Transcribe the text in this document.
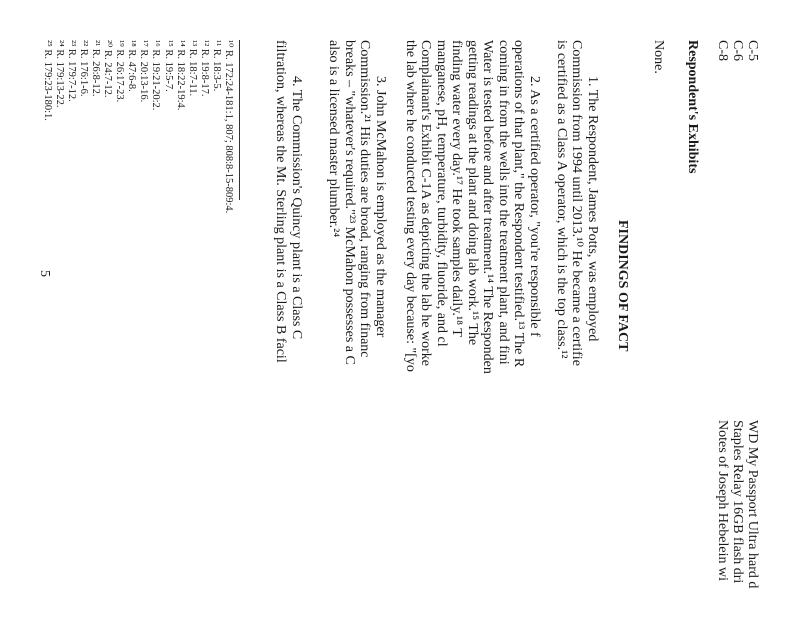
C-5
WD My Passport Ultra hard d
C-6
Staples Relay 16GB flash dri
C-8
Notes of Joseph Hebelein wi
Respondent's Exhibits
None.
FINDINGS OF FACT
1. The Respondent, James Potts, was employed
Commission from 1994 until 2013.¹⁰ He became a certifie
is certified as a Class A operator, which is the top class.¹²
2. As a certified operator, "you're responsible f
operations of that plant," the Respondent testified.¹³ The R
coming in from the wells into the treatment plant, and fini
Water is tested before and after treatment.¹⁴ The Responden
getting readings at the plant and doing lab work.¹⁵ The
finding water every day.¹⁷ He took samples daily.¹⁸ T
manganese, pH, temperature, turbidity, fluoride, and cl
Complainant's Exhibit C-1A as depicting the lab he worke
the lab where he conducted testing every day because: "[yo
3. John McMahon is employed as the manager
Commission.²¹ His duties are broad, ranging from financ
breaks – "whatever's required."²³ McMahon possesses a C
also is a licensed master plumber.²⁴
4. The Commission's Quincy plant is a Class C
filtration, whereas the Mt. Sterling plant is a Class B facil
¹⁰ R. 172:24-181:1, 807; 808:8-15-809:4.
¹¹ R. 18:3-5.
¹² R. 19:8-17.
¹³ R. 18:7-11.
¹⁴ R. 18:22-19:4.
¹⁵ R. 19:5-7.
¹⁶ R. 19:21-20:2.
¹⁷ R. 20:13-16.
¹⁸ R. 47:6-8.
¹⁹ R. 26:17-23.
²⁰ R. 24:7-12.
²¹ R. 26:8-12.
²² R. 176:1-6.
²³ R. 179:7-12.
²⁴ R. 179:13-22.
²⁵ R. 179:23-180:1.
5
